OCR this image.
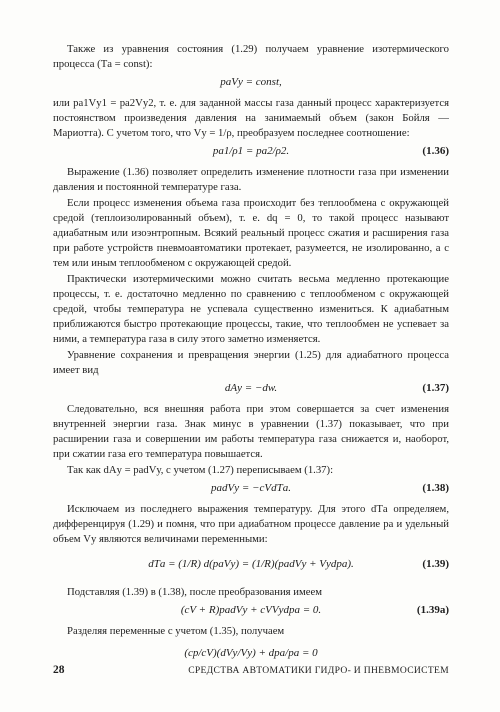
Также из уравнения состояния (1.29) получаем уравнение изотермического процесса (Tа = const):

pаVу = const,

или pа1Vу1 = pа2Vу2, т. е. для заданной массы газа данный процесс характеризуется постоянством произведения давления на занимаемый объем (закон Бойля — Мариотта). С учетом того, что Vу = 1/ρ, преобразуем последнее соотношение:

pа1/ρ1 = pа2/ρ2.	(1.36)

Выражение (1.36) позволяет определить изменение плотности газа при изменении давления и постоянной температуре газа.

Если процесс изменения объема газа происходит без теплообмена с окружающей средой (теплоизолированный объем), т. е. dq = 0, то такой процесс называют адиабатным или изоэнтропным. Всякий реальный процесс сжатия и расширения газа при работе устройств пневмоавтоматики протекает, разумеется, не изолированно, а с тем или иным теплообменом с окружающей средой.

Практически изотермическими можно считать весьма медленно протекающие процессы, т. е. достаточно медленно по сравнению с теплообменом с окружающей средой, чтобы температура не успевала существенно измениться. К адиабатным приближаются быстро протекающие процессы, такие, что теплообмен не успевает за ними, а температура газа в силу этого заметно изменяется.

Уравнение сохранения и превращения энергии (1.25) для адиабатного процесса имеет вид

dAу = −dw.	(1.37)

Следовательно, вся внешняя работа при этом совершается за счет изменения внутренней энергии газа. Знак минус в уравнении (1.37) показывает, что при расширении газа и совершении им работы температура газа снижается и, наоборот, при сжатии газа его температура повышается.

Так как dAу = pаdVу, с учетом (1.27) переписываем (1.37):

pаdVу = −cVdTа.	(1.38)

Исключаем из последнего выражения температуру. Для этого dTа определяем, дифференцируя (1.29) и помня, что при адиабатном процессе давление pа и удельный объем Vу являются величинами переменными:

dTа = (1/R) d(pаVу) = (1/R)(pаdVу + Vуdpа).	(1.39)

Подставляя (1.39) в (1.38), после преобразования имеем

(cV + R)pаdVу + cVVуdpа = 0.	(1.39a)

Разделяя переменные с учетом (1.35), получаем

(cp/cV)(dVу/Vу) + dpа/pа = 0
28	СРЕДСТВА АВТОМАТИКИ ГИДРО- И ПНЕВМОСИСТЕМ
